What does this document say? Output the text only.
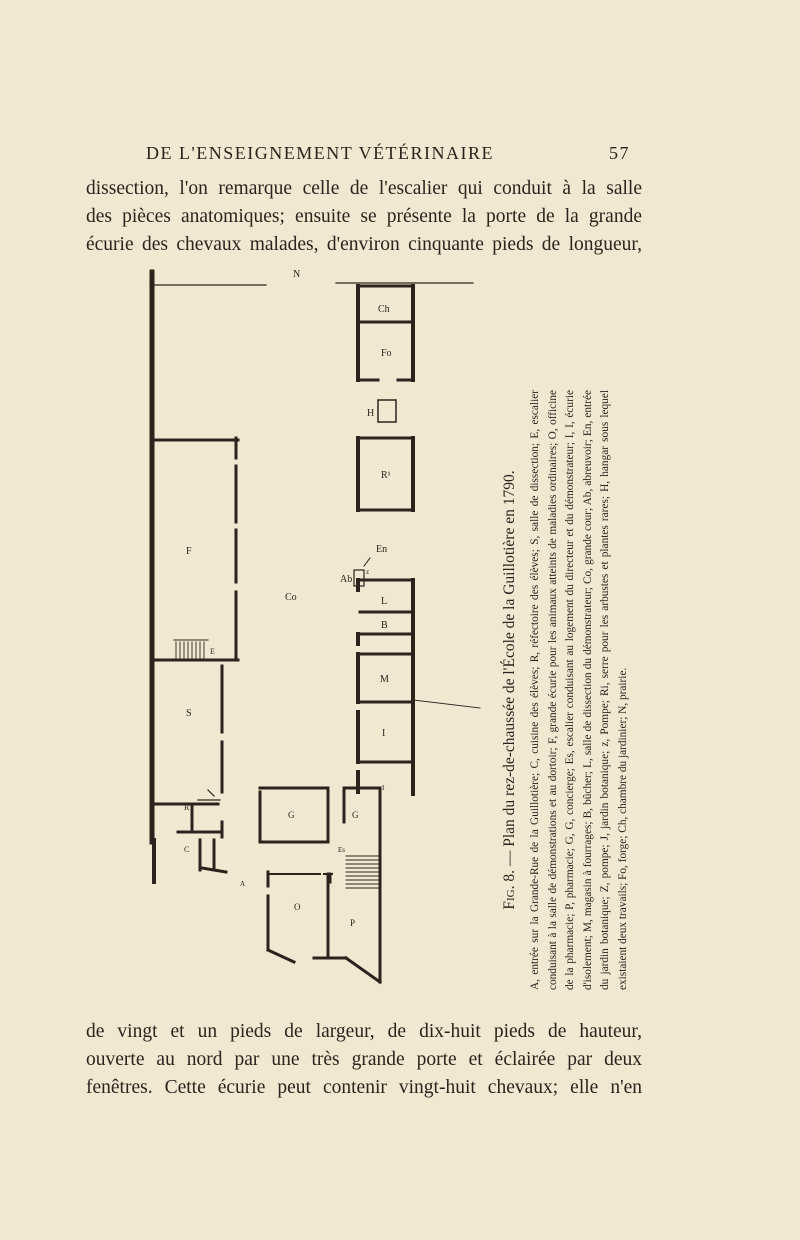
DE L'ENSEIGNEMENT VÉTÉRINAIRE	57
dissection, l'on remarque celle de l'escalier qui conduit à la salle
des pièces anatomiques; ensuite se présente la porte de la grande
écurie des chevaux malades, d'environ cinquante pieds de longueur,
N
Ch
Fo
H
R¹
En
Ab
z
Co	L
B
M
I
I
F
E
S
R
C
A
G	G
Es
O
P
Fig. 8. — Plan du rez-de-chaussée de l'École de la Guillotière en 1790. A, entrée sur la Grande-Rue de la Guillotière; C, cuisine des élèves; R, réfectoire des élèves; S, salle de dissection; E, escalier conduisant à la salle de démonstrations et au dortoir; F, grande écurie pour les animaux atteints de maladies ordinaires; O, officine de la pharmacie; P, pharmacie; G, G, concierge; Es, escalier conduisant au logement du directeur et du démonstrateur; I, I, écurie d'isolement; M, magasin à fourrages; B, bûcher; L, salle de dissection du démonstrateur; Co, grande cour; Ab, abreuvoir; En, entrée du jardin botanique; Z, pompe; J, jardin botanique; z, Pompe; Ri, serre pour les arbustes et plantes rares; H, hangar sous lequel existaient deux travails; Fo, forge; Ch, chambre du jardinier; N, prairie.
de vingt et un pieds de largeur, de dix-huit pieds de hauteur,
ouverte au nord par une très grande porte et éclairée par deux
fenêtres. Cette écurie peut contenir vingt-huit chevaux; elle n'en
